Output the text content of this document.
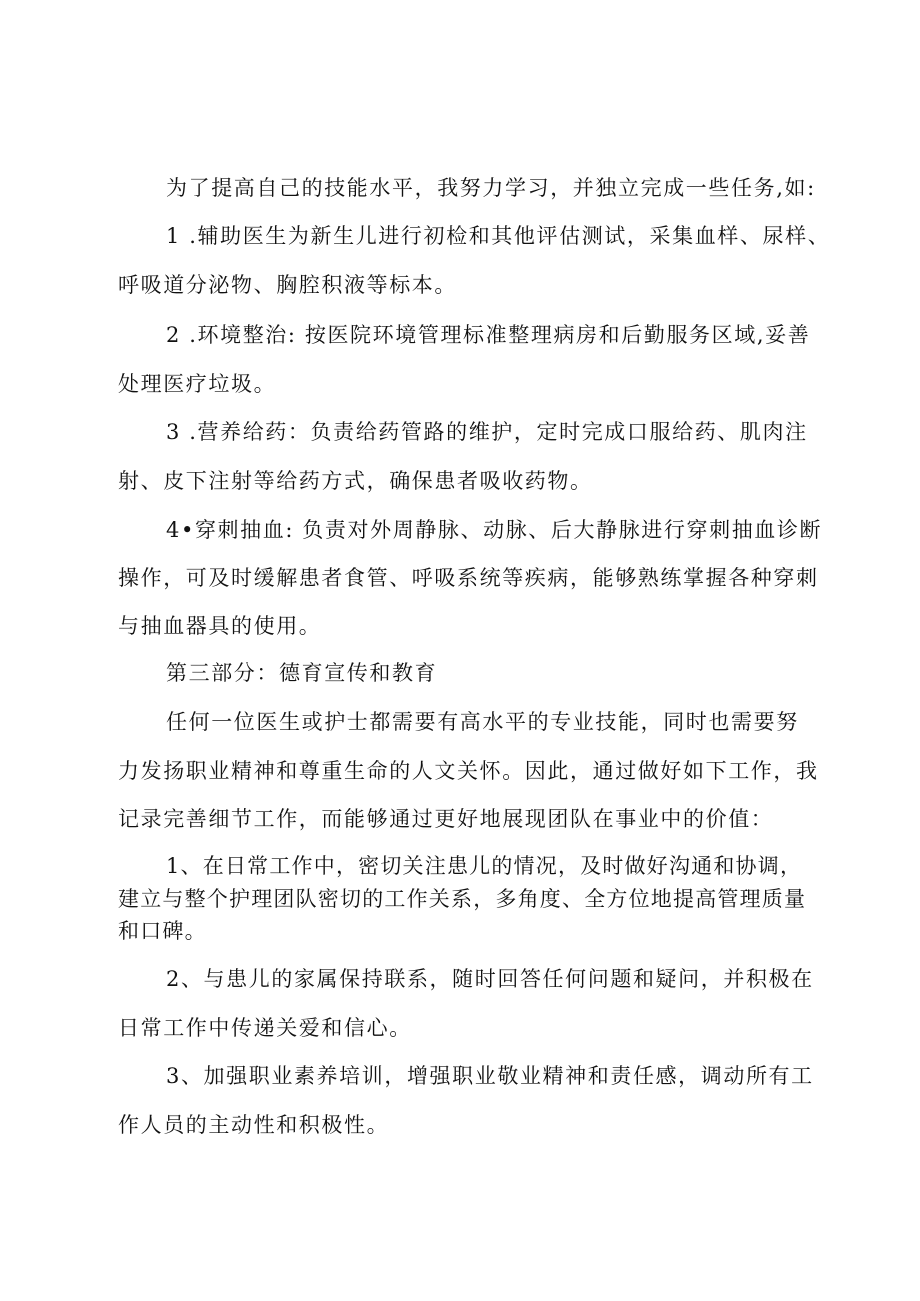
为了提高自己的技能水平，我努力学习，并独立完成一些任务,如:
1 .辅助医生为新生儿进行初检和其他评估测试，采集血样、尿样、
呼吸道分泌物、胸腔积液等标本。
2 .环境整治: 按医院环境管理标准整理病房和后勤服务区域,妥善
处理医疗垃圾。
3 .营养给药：负责给药管路的维护，定时完成口服给药、肌肉注
射、皮下注射等给药方式，确保患者吸收药物。
4•穿刺抽血: 负责对外周静脉、动脉、后大静脉进行穿刺抽血诊断
操作，可及时缓解患者食管、呼吸系统等疾病，能够熟练掌握各种穿刺
与抽血器具的使用。
第三部分：德育宣传和教育
任何一位医生或护士都需要有高水平的专业技能，同时也需要努
力发扬职业精神和尊重生命的人文关怀。因此，通过做好如下工作，我
记录完善细节工作，而能够通过更好地展现团队在事业中的价值：
1、在日常工作中，密切关注患儿的情况，及时做好沟通和协调，
建立与整个护理团队密切的工作关系，多角度、全方位地提高管理质量
和口碑。
2、与患儿的家属保持联系，随时回答任何问题和疑问，并积极在
日常工作中传递关爱和信心。
3、加强职业素养培训，增强职业敬业精神和责任感，调动所有工
作人员的主动性和积极性。
